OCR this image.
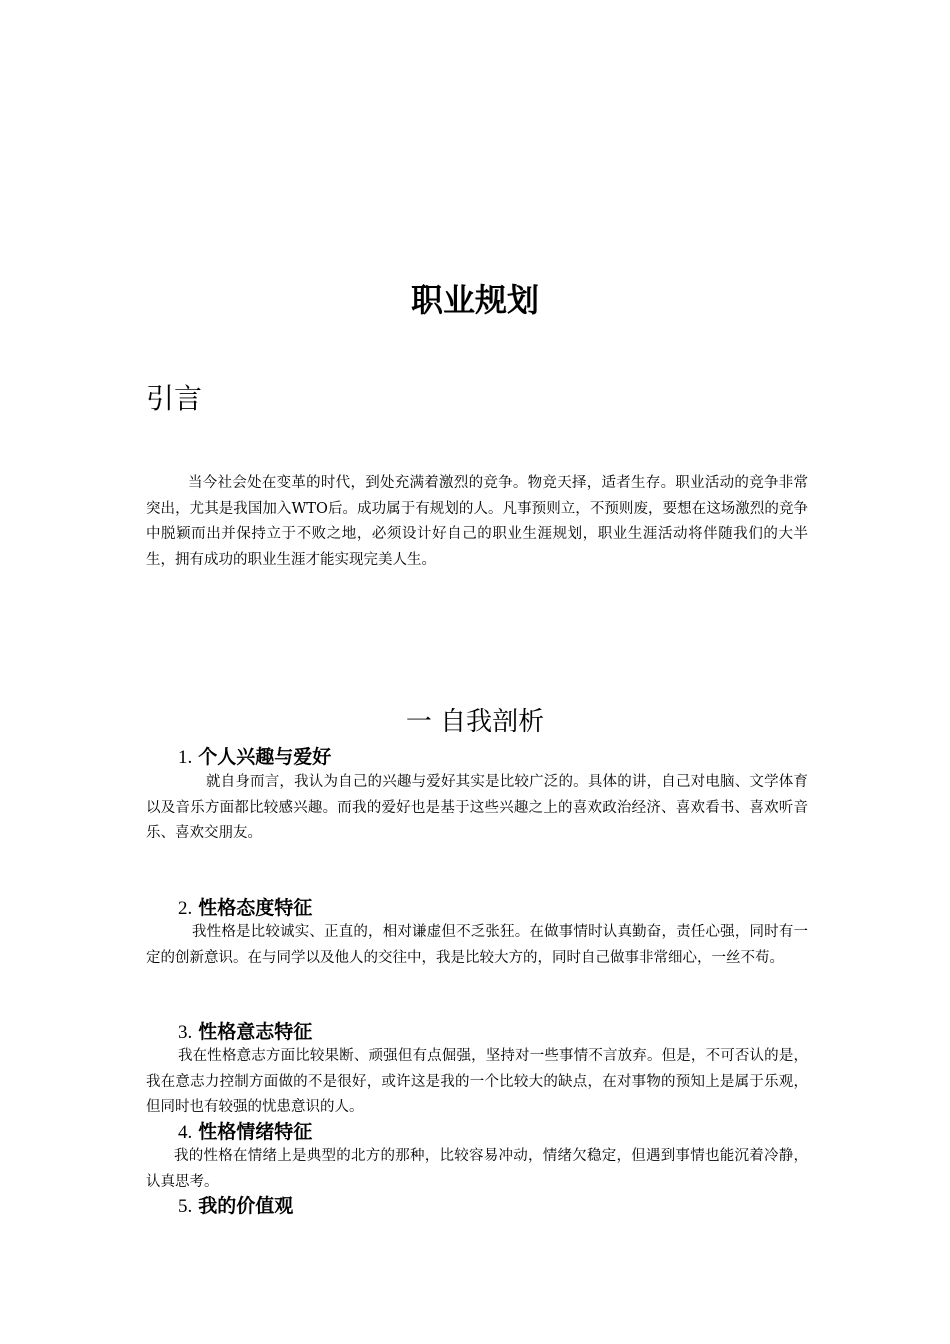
职业规划
引言

当今社会处在变革的时代，到处充满着激烈的竞争。物竞天择，适者生存。职业活动的竞争非常突出，尤其是我国加入WTO后。成功属于有规划的人。凡事预则立，不预则废，要想在这场激烈的竞争中脱颖而出并保持立于不败之地，必须设计好自己的职业生涯规划，职业生涯活动将伴随我们的大半生，拥有成功的职业生涯才能实现完美人生。

一 自我剖析
1. 个人兴趣与爱好

就自身而言，我认为自己的兴趣与爱好其实是比较广泛的。具体的讲，自己对电脑、文学体育以及音乐方面都比较感兴趣。而我的爱好也是基于这些兴趣之上的喜欢政治经济、喜欢看书、喜欢听音乐、喜欢交朋友。

2. 性格态度特征

我性格是比较诚实、正直的，相对谦虚但不乏张狂。在做事情时认真勤奋，责任心强，同时有一定的创新意识。在与同学以及他人的交往中，我是比较大方的，同时自己做事非常细心，一丝不苟。

3. 性格意志特征

我在性格意志方面比较果断、顽强但有点倔强，坚持对一些事情不言放弃。但是，不可否认的是，我在意志力控制方面做的不是很好，或许这是我的一个比较大的缺点，在对事物的预知上是属于乐观，但同时也有较强的忧患意识的人。

4. 性格情绪特征

我的性格在情绪上是典型的北方的那种，比较容易冲动，情绪欠稳定，但遇到事情也能沉着冷静，认真思考。

5. 我的价值观
